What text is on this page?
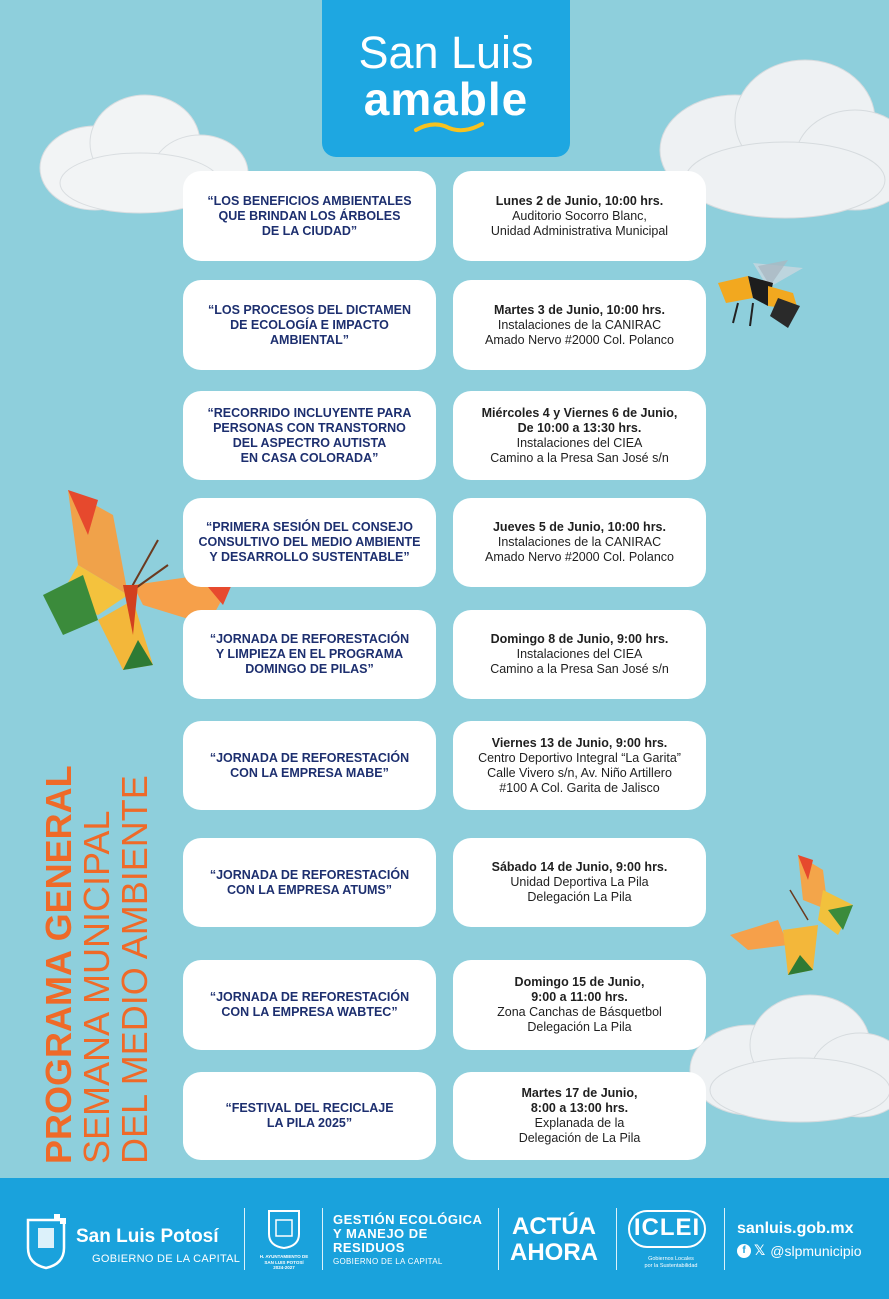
San Luis
amable
“LOS BENEFICIOS AMBIENTALES
QUE BRINDAN LOS ÁRBOLES
DE LA CIUDAD”
Lunes 2 de Junio, 10:00 hrs.
Auditorio Socorro Blanc,
Unidad Administrativa Municipal
“LOS PROCESOS DEL DICTAMEN
DE ECOLOGÍA E IMPACTO
AMBIENTAL”
Martes 3 de Junio, 10:00 hrs.
Instalaciones de la CANIRAC
Amado Nervo #2000 Col. Polanco
“RECORRIDO INCLUYENTE PARA
PERSONAS CON TRANSTORNO
DEL ASPECTRO AUTISTA
EN CASA COLORADA”
Miércoles 4 y Viernes 6 de Junio,
De 10:00 a 13:30 hrs.
Instalaciones del CIEA
Camino a la Presa San José s/n
“PRIMERA SESIÓN DEL CONSEJO
CONSULTIVO DEL MEDIO AMBIENTE
Y DESARROLLO SUSTENTABLE”
Jueves 5 de Junio, 10:00 hrs.
Instalaciones de la CANIRAC
Amado Nervo #2000 Col. Polanco
“JORNADA DE REFORESTACIÓN
Y LIMPIEZA EN EL PROGRAMA
DOMINGO DE PILAS”
Domingo 8 de Junio, 9:00 hrs.
Instalaciones del CIEA
Camino a la Presa San José s/n
“JORNADA DE REFORESTACIÓN
CON LA EMPRESA MABE”
Viernes 13 de Junio, 9:00 hrs.
Centro Deportivo Integral “La Garita”
Calle Vivero s/n, Av. Niño Artillero
#100 A Col. Garita de Jalisco
“JORNADA DE REFORESTACIÓN
CON LA EMPRESA ATUMS”
Sábado 14 de Junio, 9:00 hrs.
Unidad Deportiva La Pila
Delegación La Pila
“JORNADA DE REFORESTACIÓN
CON LA EMPRESA WABTEC”
Domingo 15 de Junio,
9:00 a 11:00 hrs.
Zona Canchas de Básquetbol
Delegación La Pila
“FESTIVAL DEL RECICLAJE
LA PILA 2025”
Martes 17 de Junio,
8:00 a 13:00 hrs.
Explanada de la
Delegación de La Pila
PROGRAMA GENERAL
SEMANA MUNICIPAL
DEL MEDIO AMBIENTE
San Luis Potosí
GOBIERNO DE LA CAPITAL	H. AYUNTAMIENTO DE
SAN LUIS POTOSÍ
2024-2027
GESTIÓN ECOLÓGICA
Y MANEJO DE
RESIDUOS
GOBIERNO DE LA CAPITAL
ACTÚA
AHORA
ICLEI
Gobiernos Locales
por la Sustentabilidad
sanluis.gob.mx
f 𝕏 @slpmunicipio
